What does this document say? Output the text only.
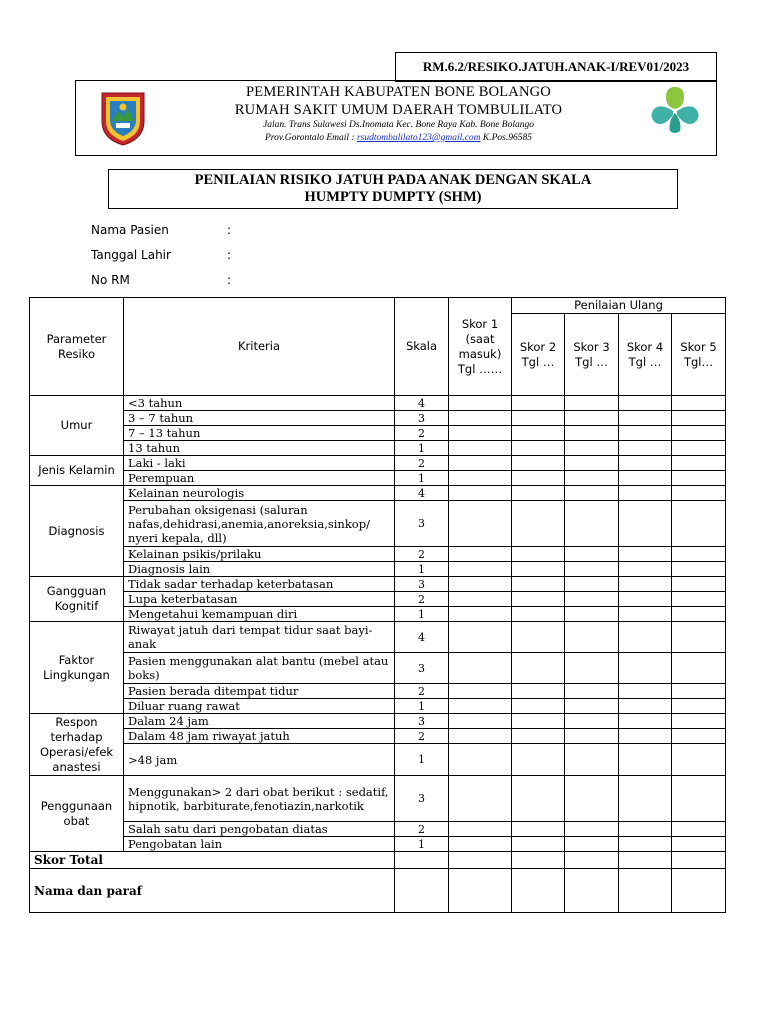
RM.6.2/RESIKO.JATUH.ANAK-I/REV01/2023
PEMERINTAH KABUPATEN BONE BOLANGO
RUMAH SAKIT UMUM DAERAH TOMBULILATO
Jalan. Trans Sulawesi Ds.Inomata Kec. Bone Raya Kab. Bone Bolango
Prov.Gorontalo Email : rsudtombulilato123@gmail.com K.Pos.96585
PENILAIAN RISIKO JATUH PADA ANAK DENGAN SKALA
HUMPTY DUMPTY (SHM)
Nama Pasien	:
Tanggal Lahir	:
No RM	:
Parameter Resiko	Kriteria	Skala	Skor 1 (saat masuk) Tgl ……	Penilaian Ulang			
				Skor 2 Tgl …	Skor 3 Tgl …	Skor 4 Tgl …	Skor 5 Tgl…
Umur	<3 tahun	4					
	3 – 7 tahun	3					
	7 – 13 tahun	2					
	13 tahun	1					
Jenis Kelamin	Laki - laki	2					
	Perempuan	1					
Diagnosis	Kelainan neurologis	4					
	Perubahan oksigenasi (saluran nafas,dehidrasi,anemia,anoreksia,sinkop/ nyeri kepala, dll)	3					
	Kelainan psikis/prilaku	2					
	Diagnosis lain	1					
Gangguan Kognitif	Tidak sadar terhadap keterbatasan	3					
	Lupa keterbatasan	2					
	Mengetahui kemampuan diri	1					
Faktor Lingkungan	Riwayat jatuh dari tempat tidur saat bayi-anak	4					
	Pasien menggunakan alat bantu (mebel atau boks)	3					
	Pasien berada ditempat tidur	2					
	Diluar ruang rawat	1					
Respon terhadap Operasi/efek anastesi	Dalam 24 jam	3					
	Dalam 48 jam riwayat jatuh	2					
	>48 jam	1					
Penggunaan obat	Menggunakan> 2 dari obat berikut : sedatif, hipnotik, barbiturate,fenotiazin,narkotik	3					
	Salah satu dari pengobatan diatas	2					
	Pengobatan lain	1					
Skor Total							
Nama dan paraf							
